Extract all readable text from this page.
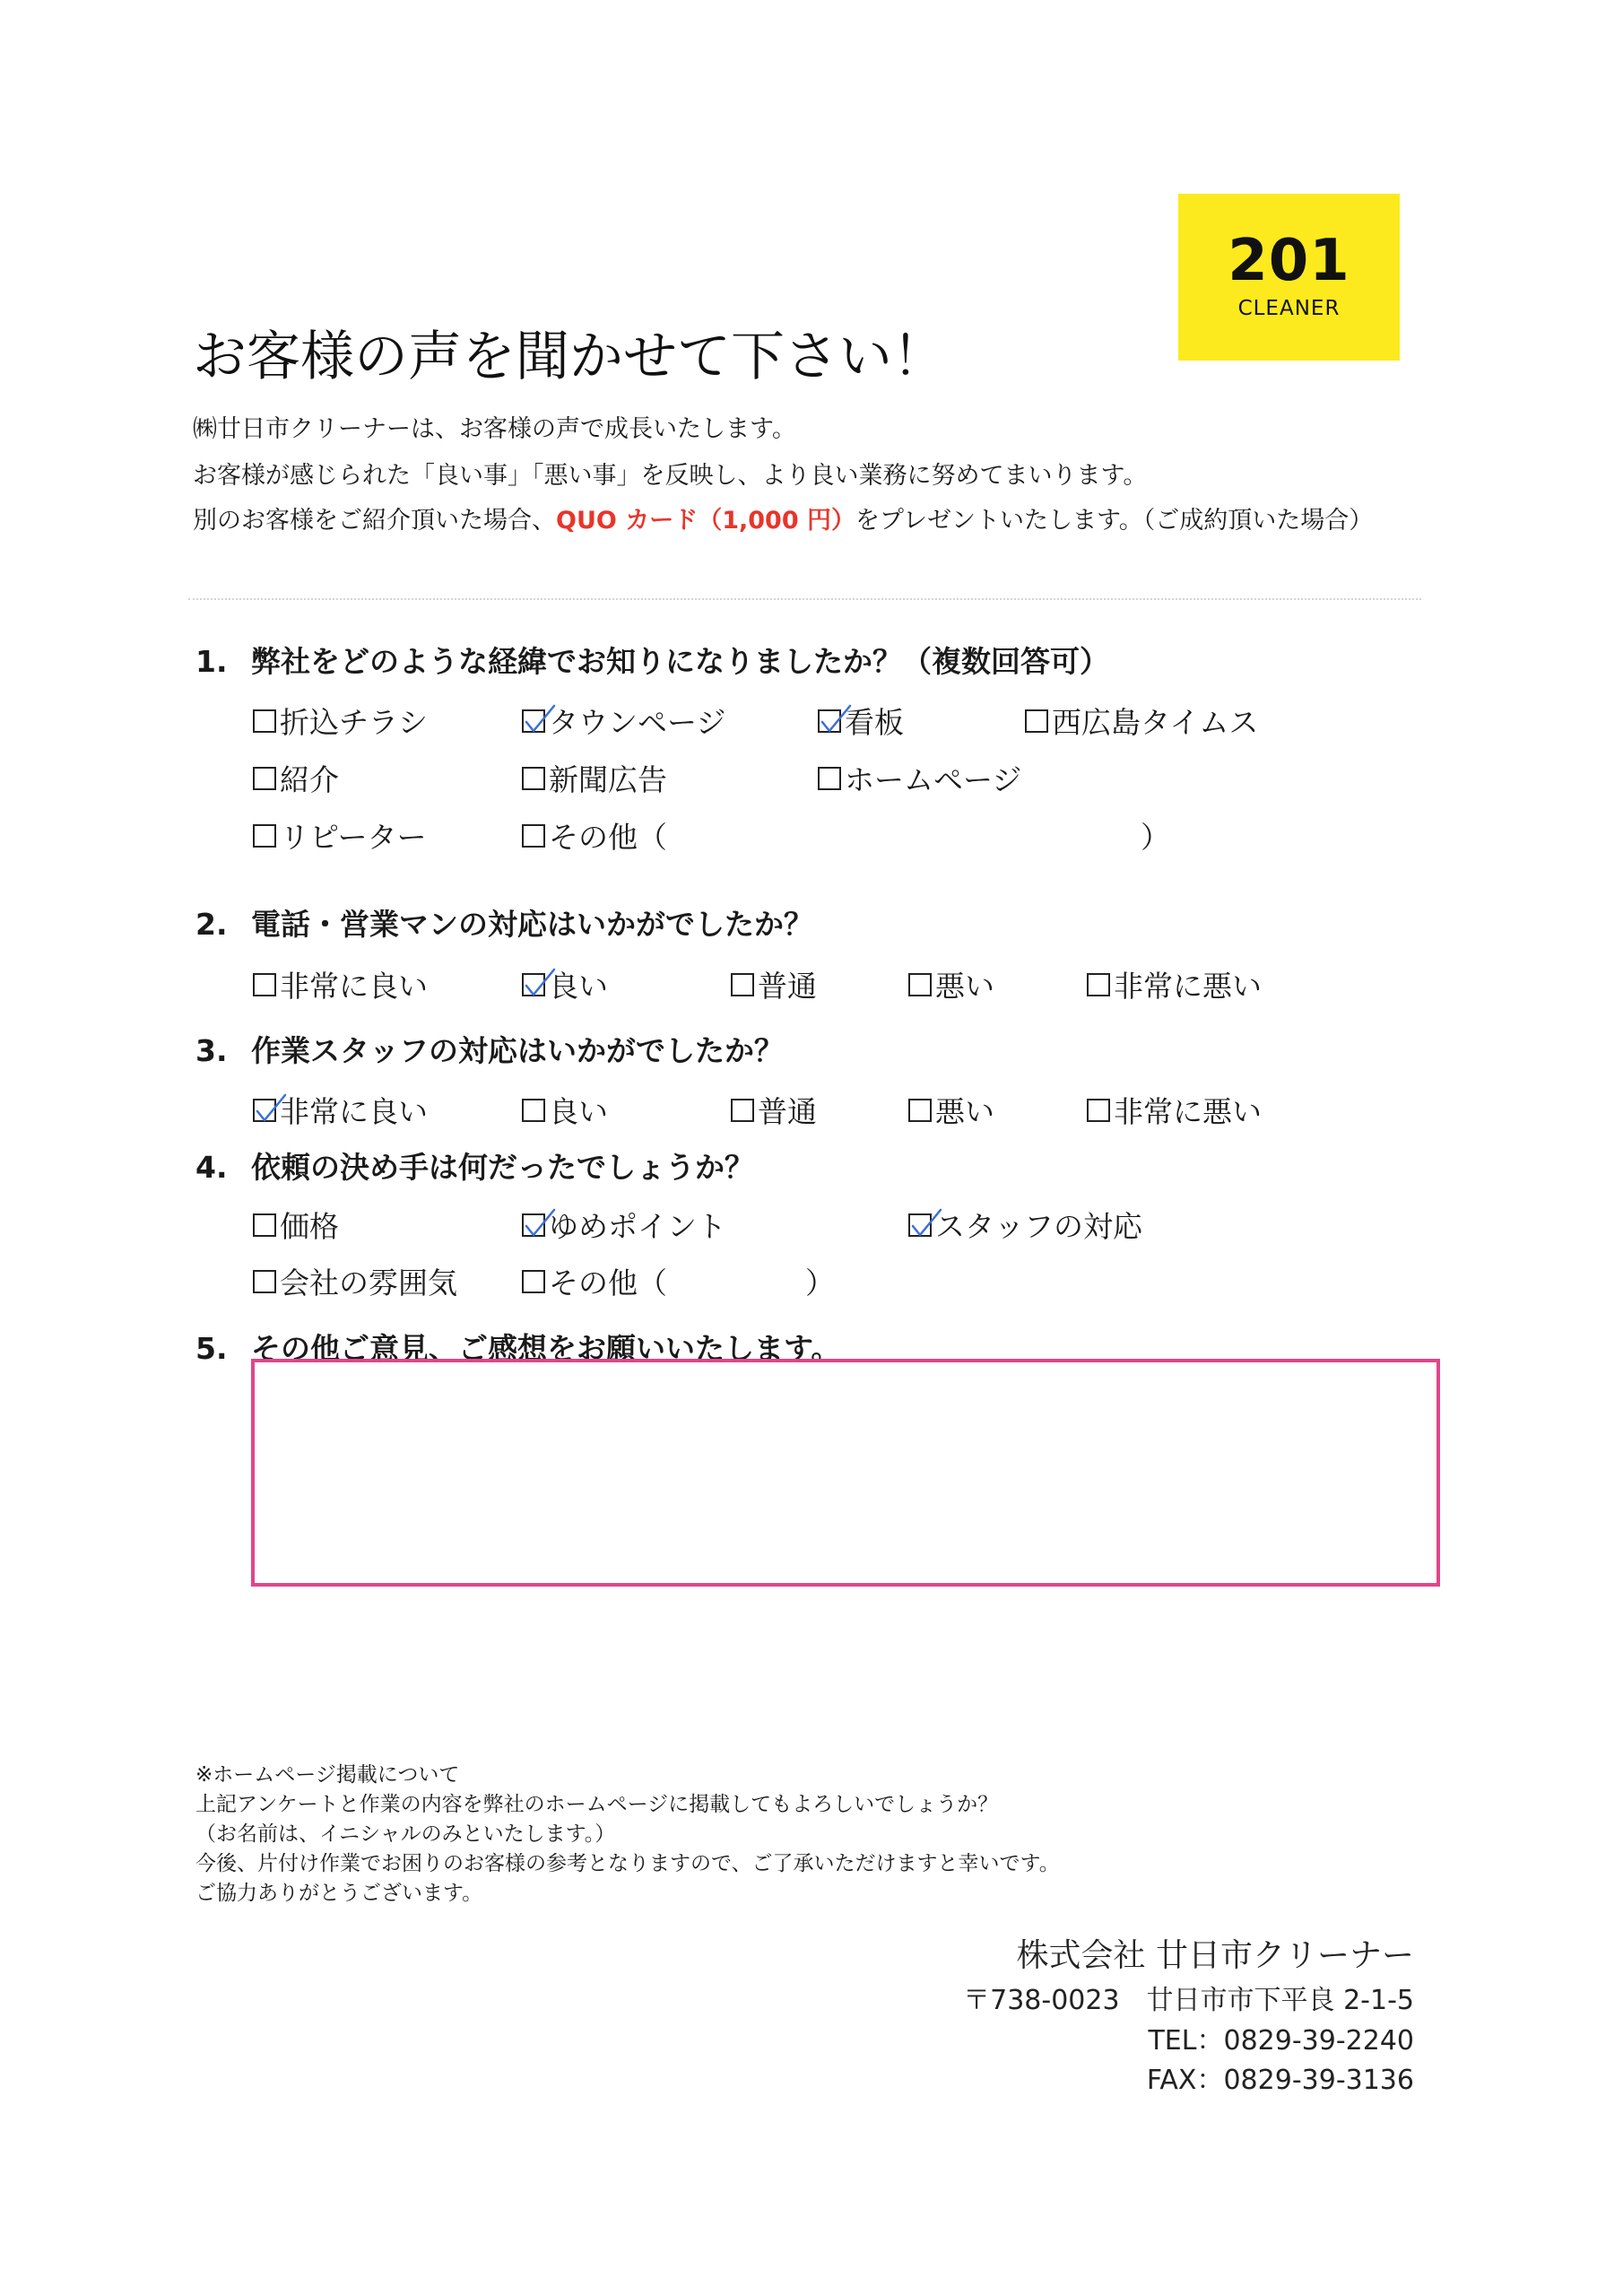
201
CLEANER
お客様の声を聞かせて下さい！
㈱廿日市クリーナーは、お客様の声で成長いたします。
お客様が感じられた「良い事」「悪い事」を反映し、より良い業務に努めてまいります。
別のお客様をご紹介頂いた場合、QUO カード（1,000 円）をプレゼントいたします。（ご成約頂いた場合）
1. 弊社をどのような経緯でお知りになりましたか？（複数回答可）
折込チラシ	タウンページ	看板	西広島タイムス
紹介	新聞広告	ホームページ
リピーター	その他（	）
2. 電話・営業マンの対応はいかがでしたか？
非常に良い	良い	普通	悪い	非常に悪い
3. 作業スタッフの対応はいかがでしたか？
非常に良い	良い	普通	悪い	非常に悪い
4. 依頼の決め手は何だったでしょうか？
価格	ゆめポイント	スタッフの対応
会社の雰囲気	その他（	）
5. その他ご意見、ご感想をお願いいたします。
※ホームページ掲載について
上記アンケートと作業の内容を弊社のホームページに掲載してもよろしいでしょうか？
（お名前は、イニシャルのみといたします。）
今後、片付け作業でお困りのお客様の参考となりますので、ご了承いただけますと幸いです。
ご協力ありがとうございます。
株式会社 廿日市クリーナー
〒738-0023　廿日市市下平良 2-1-5
TEL：0829-39-2240
FAX：0829-39-3136
